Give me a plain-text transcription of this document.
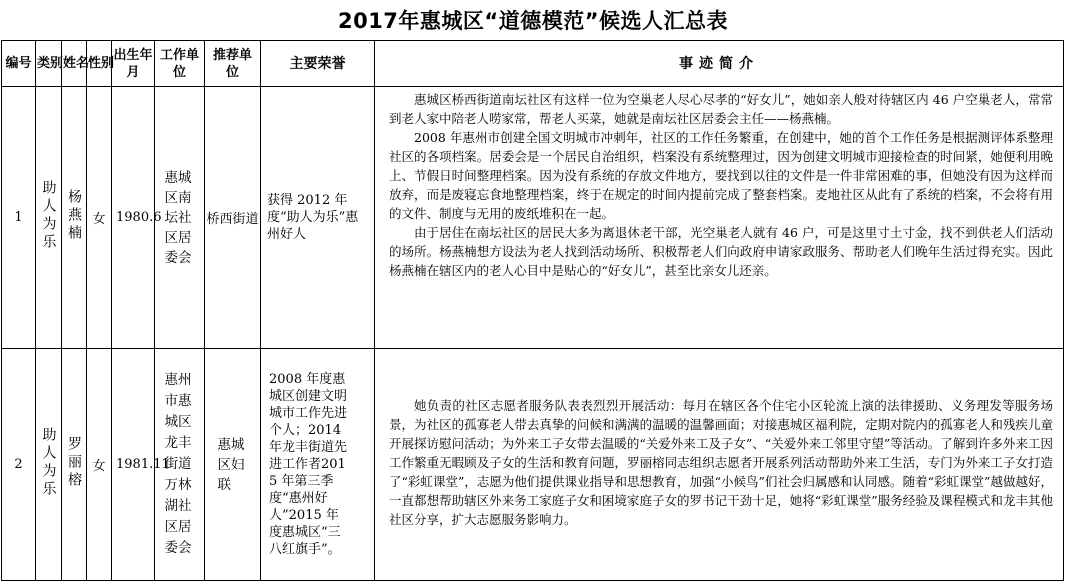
2017年惠城区“道德模范”候选人汇总表
编号	类别	姓名	性别	出生年月	工作单位	推荐单位	主要荣誉	事迹简介
1	助人为乐	杨燕楠	女	1980.6	惠城区南坛社区居委会	桥西街道	获得 2012 年度“助人为乐”惠州好人	惠城区桥西街道南坛社区有这样一位为空巢老人尽心尽孝的“好女儿”，她如亲人般对待辖区内 46 户空巢老人，常常到老人家中陪老人唠家常，帮老人买菜，她就是南坛社区居委会主任——杨燕楠。

2008 年惠州市创建全国文明城市冲刺年，社区的工作任务繁重，在创建中，她的首个工作任务是根据测评体系整理社区的各项档案。居委会是一个居民自治组织，档案没有系统整理过，因为创建文明城市迎接检查的时间紧，她便利用晚上、节假日时间整理档案。因为没有系统的存放文件地方，要找到以往的文件是一件非常困难的事，但她没有因为这样而放弃，而是废寝忘食地整理档案，终于在规定的时间内提前完成了整套档案。麦地社区从此有了系统的档案，不会将有用的文件、制度与无用的废纸堆积在一起。

由于居住在南坛社区的居民大多为离退休老干部，光空巢老人就有 46 户，可是这里寸土寸金，找不到供老人们活动的场所。杨燕楠想方设法为老人找到活动场所、积极帮老人们向政府申请家政服务、帮助老人们晚年生活过得充实。因此杨燕楠在辖区内的老人心目中是贴心的“好女儿”，甚至比亲女儿还亲。

2	助人为乐	罗丽榕	女	1981.11	惠州市惠城区龙丰街道万林湖社区居委会	惠城区妇联	2008 年度惠城区创建文明城市工作先进个人；2014 年龙丰街道先进工作者2015 年第三季度“惠州好人”2015 年度惠城区“三八红旗手”。	她负责的社区志愿者服务队表表烈烈开展活动：每月在辖区各个住宅小区轮流上演的法律援助、义务理发等服务场景，为社区的孤寡老人带去真挚的问候和满满的温暖的温馨画面；对接惠城区福利院，定期对院内的孤寡老人和残疾儿童开展探访慰问活动；为外来工子女带去温暖的“关爱外来工及子女”、“关爱外来工邻里守望”等活动。了解到许多外来工因工作繁重无暇顾及子女的生活和教育问题，罗丽榕同志组织志愿者开展系列活动帮助外来工生活，专门为外来工子女打造了“彩虹课堂”，志愿为他们提供课业指导和思想教育，加强“小候鸟”们社会归属感和认同感。随着“彩虹课堂”越做越好，一直都想帮助辖区外来务工家庭子女和困境家庭子女的罗书记干劲十足，她将“彩虹课堂”服务经验及课程模式和龙丰其他社区分享，扩大志愿服务影响力。
